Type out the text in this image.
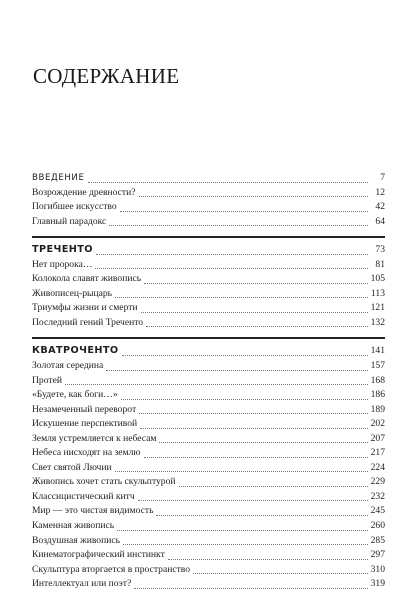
СОДЕРЖАНИЕ
ВВЕДЕНИЕ	7
Возрождение древности?	12
Погибшее искусство	42
Главный парадокс	64
ТРЕЧЕНТО	73
Нет пророка…	81
Колокола славят живопись	105
Живописец-рыцарь	113
Триумфы жизни и смерти	121
Последний гений Треченто	132
КВАТРОЧЕНТО	141
Золотая середина	157
Протей	168
«Будете, как боги…»	186
Незамеченный переворот	189
Искушение перспективой	202
Земля устремляется к небесам	207
Небеса нисходят на землю	217
Свет святой Лючии	224
Живопись хочет стать скульптурой	229
Классицистический китч	232
Мир — это чистая видимость	245
Каменная живопись	260
Воздушная живопись	285
Кинематографический инстинкт	297
Скульптура вторгается в пространство	310
Интеллектуал или поэт?	319
